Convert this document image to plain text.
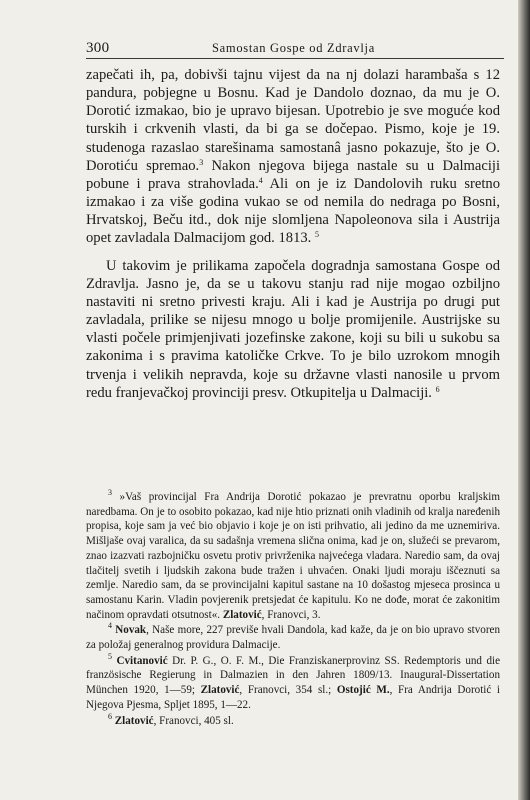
300	Samostan Gospe od Zdravlja

zapečati ih, pa, dobivši tajnu vijest da na nj dolazi harambaša s 12 pandura, pobjegne u Bosnu. Kad je Dandolo doznao, da mu je O. Dorotić izmakao, bio je upravo bijesan. Upotrebio je sve moguće kod turskih i crkvenih vlasti, da bi ga se dočepao. Pismo, koje je 19. studenoga razaslao starešinama samostanâ jasno pokazuje, što je O. Dorotiću spremao.$^3$ Nakon njegova bijega nastale su u Dalmaciji pobune i prava strahovlada.$^4$ Ali on je iz Dandolovih ruku sretno izmakao i za više godina vukao se od nemila do nedraga po Bosni, Hrvatskoj, Beču itd., dok nije slomljena Napoleonova sila i Austrija opet zavladala Dalmacijom god. 1813. $^5$

U takovim je prilikama započela dogradnja samostana Gospe od Zdravlja. Jasno je, da se u takovu stanju rad nije mogao ozbiljno nastaviti ni sretno privesti kraju. Ali i kad je Austrija po drugi put zavladala, prilike se nijesu mnogo u bolje promijenile. Austrijske su vlasti počele primjenjivati jozefinske zakone, koji su bili u sukobu sa zakonima i s pravima katoličke Crkve. To je bilo uzrokom mnogih trvenja i velikih nepravda, koje su državne vlasti nanosile u prvom redu franjevačkoj provinciji presv. Otkupitelja u Dalmaciji. $^6$

$^3$ »Vaš provincijal Fra Andrija Dorotić pokazao je prevratnu oporbu kraljskim naredbama. On je to osobito pokazao, kad nije htio priznati onih vladinih od kralja naređenih propisa, koje sam ja već bio objavio i koje je on isti prihvatio, ali jedino da me uznemiriva. Mišljaše ovaj varalica, da su sadašnja vremena slična onima, kad je on, služeći se prevarom, znao izazvati razbojničku osvetu protiv privrženika najvećega vladara. Naredio sam, da ovaj tlačitelj svetih i ljudskih zakona bude tražen i uhvaćen. Onaki ljudi moraju iščeznuti sa zemlje. Naredio sam, da se provincijalni kapitul sastane na 10 došastog mjeseca prosinca u samostanu Karin. Vladin povjerenik pretsjedat će kapitulu. Ko ne dođe, morat će zakonitim načinom opravdati otsutnost«. Zlatović, Franovci, 3.

$^4$ Novak, Naše more, 227 previše hvali Dandola, kad kaže, da je on bio upravo stvoren za položaj generalnog providura Dalmacije.

$^5$ Cvitanović Dr. P. G., O. F. M., Die Franziskanerprovinz SS. Redemptoris und die französische Regierung in Dalmazien in den Jahren 1809/13. Inaugural-Dissertation München 1920, 1—59; Zlatović, Franovci, 354 sl.; Ostojić M., Fra Andrija Dorotić i Njegova Pjesma, Spljet 1895, 1—22.

$^6$ Zlatović, Franovci, 405 sl.
